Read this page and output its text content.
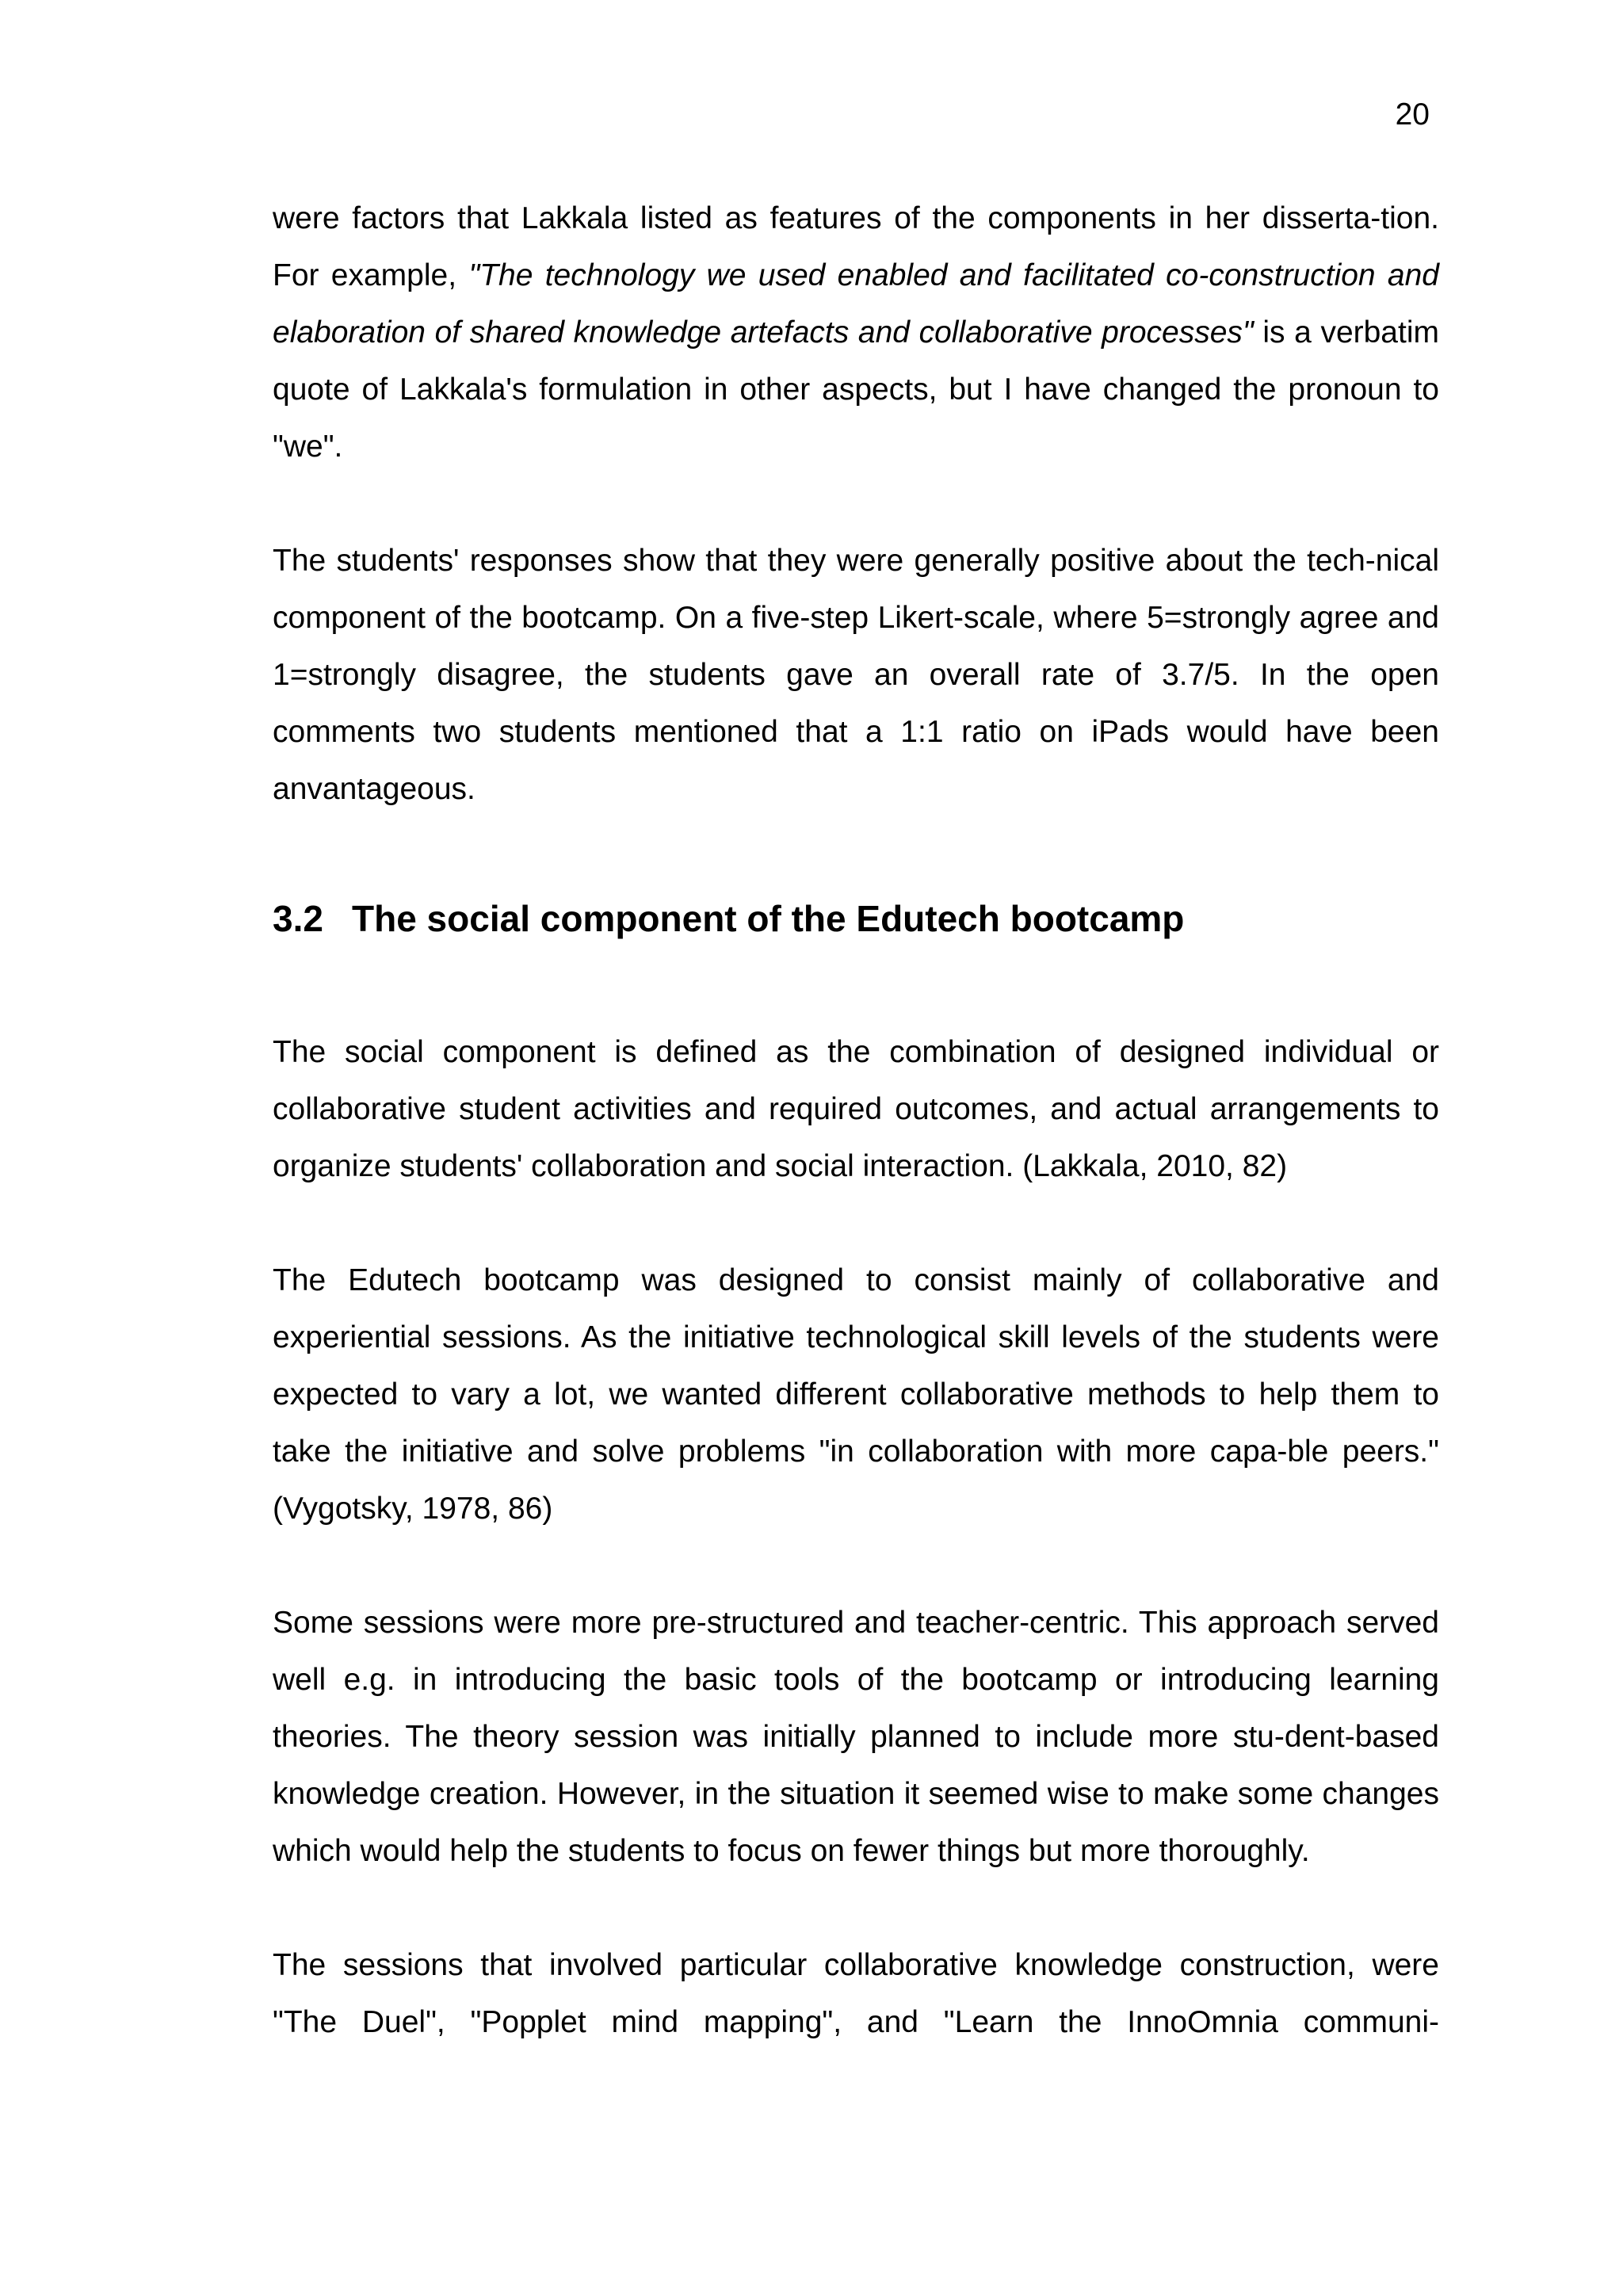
20

were factors that Lakkala listed as features of the components in her disserta-tion. For example, "The technology we used enabled and facilitated co-construction and elaboration of shared knowledge artefacts and collaborative processes" is a verbatim quote of Lakkala's formulation in other aspects, but I have changed the pronoun to "we".

The students' responses show that they were generally positive about the tech-nical component of the bootcamp. On a five-step Likert-scale, where 5=strongly agree and 1=strongly disagree, the students gave an overall rate of 3.7/5. In the open comments two students mentioned that a 1:1 ratio on iPads would have been anvantageous.

3.2 The social component of the Edutech bootcamp

The social component is defined as the combination of designed individual or collaborative student activities and required outcomes, and actual arrangements to organize students' collaboration and social interaction. (Lakkala, 2010, 82)

The Edutech bootcamp was designed to consist mainly of collaborative and experiential sessions. As the initiative technological skill levels of the students were expected to vary a lot, we wanted different collaborative methods to help them to take the initiative and solve problems "in collaboration with more capa-ble peers." (Vygotsky, 1978, 86)

Some sessions were more pre-structured and teacher-centric. This approach served well e.g. in introducing the basic tools of the bootcamp or introducing learning theories. The theory session was initially planned to include more stu-dent-based knowledge creation. However, in the situation it seemed wise to make some changes which would help the students to focus on fewer things but more thoroughly.

The sessions that involved particular collaborative knowledge construction, were "The Duel", "Popplet mind mapping", and "Learn the InnoOmnia communi-
